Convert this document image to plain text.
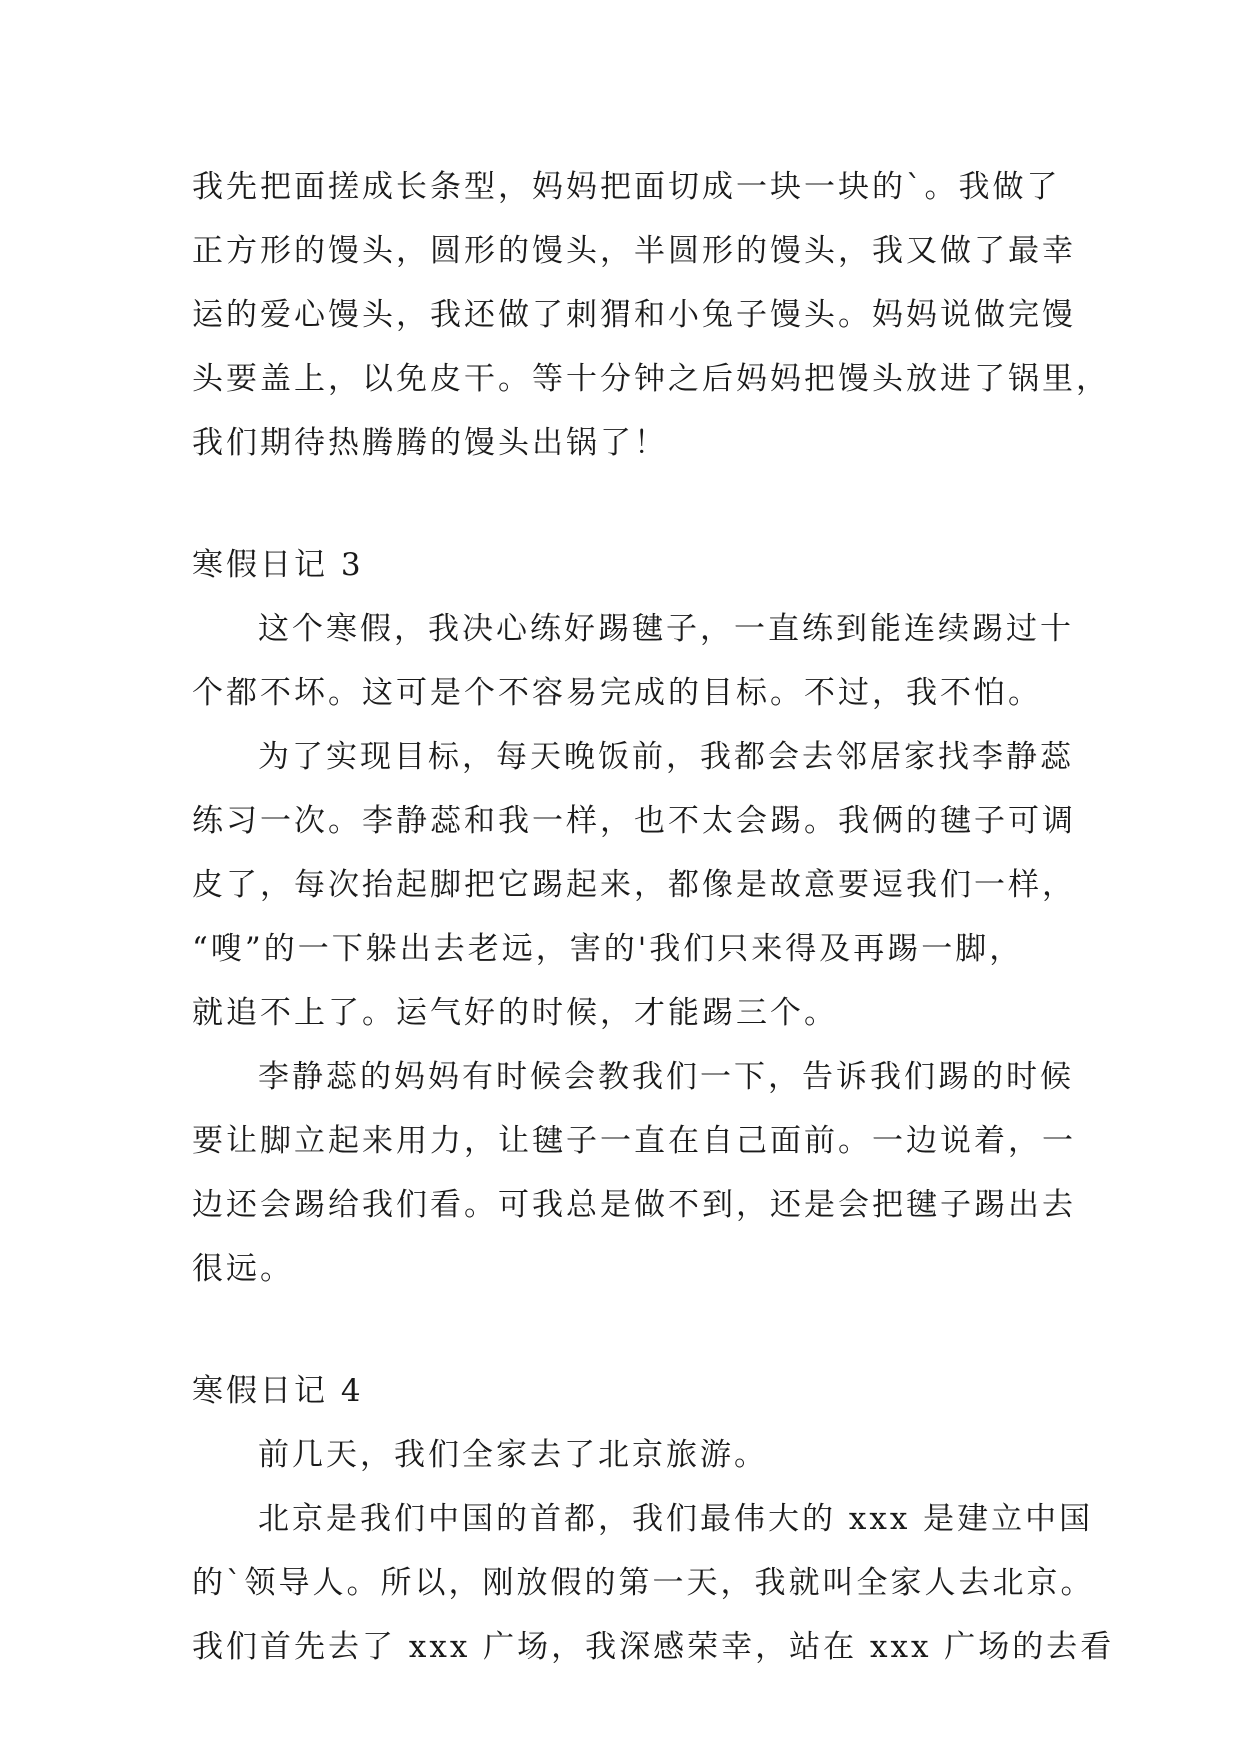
我先把面搓成长条型，妈妈把面切成一块一块的`。我做了
正方形的馒头，圆形的馒头，半圆形的馒头，我又做了最幸
运的爱心馒头，我还做了刺猬和小兔子馒头。妈妈说做完馒
头要盖上，以免皮干。等十分钟之后妈妈把馒头放进了锅里，
我们期待热腾腾的馒头出锅了！
寒假日记 3
这个寒假，我决心练好踢毽子，一直练到能连续踢过十
个都不坏。这可是个不容易完成的目标。不过，我不怕。
为了实现目标，每天晚饭前，我都会去邻居家找李静蕊
练习一次。李静蕊和我一样，也不太会踢。我俩的毽子可调
皮了，每次抬起脚把它踢起来，都像是故意要逗我们一样，
“嗖”的一下躲出去老远，害的'我们只来得及再踢一脚，
就追不上了。运气好的时候，才能踢三个。
李静蕊的妈妈有时候会教我们一下，告诉我们踢的时候
要让脚立起来用力，让毽子一直在自己面前。一边说着，一
边还会踢给我们看。可我总是做不到，还是会把毽子踢出去
很远。
寒假日记 4
前几天，我们全家去了北京旅游。
北京是我们中国的首都，我们最伟大的 xxx 是建立中国
的`领导人。所以，刚放假的第一天，我就叫全家人去北京。
我们首先去了 xxx 广场，我深感荣幸，站在 xxx 广场的去看
